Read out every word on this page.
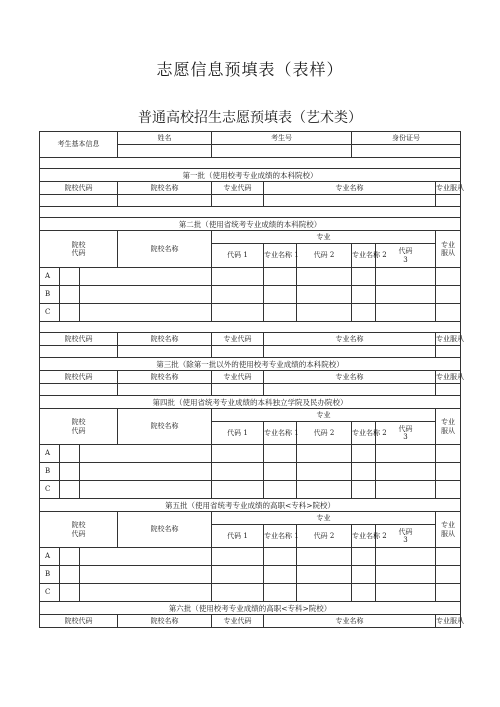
志愿信息预填表（表样）
普通高校招生志愿预填表（艺术类）
考生基本信息			姓名	考生号			身份证号		

第一批（使用校考专业成绩的本科院校）									
院校代码			院校名称	专业代码	专业名称				专业服从

第二批（使用省统考专业成绩的本科院校）									
院校
代码			院校名称	专业					专业
服从
				代码 1	专业名称 1	代码 2	专业名称 2	代码
3	
A									
B									
C									

院校代码			院校名称	专业代码	专业名称				专业服从

第三批（除第一批以外的使用校考专业成绩的本科院校）									
院校代码			院校名称	专业代码	专业名称				专业服从

第四批（使用省统考专业成绩的本科独立学院及民办院校）									
院校
代码			院校名称	专业					专业
服从
				代码 1	专业名称 1	代码 2	专业名称 2	代码
3	
A									
B									
C									
第五批（使用省统考专业成绩的高职<专科>院校）									
院校
代码			院校名称	专业					专业
服从
				代码 1	专业名称 1	代码 2	专业名称 2	代码
3	
A									
B									
C									
第六批（使用校考专业成绩的高职<专科>院校）									
院校代码			院校名称	专业代码	专业名称				专业服从
